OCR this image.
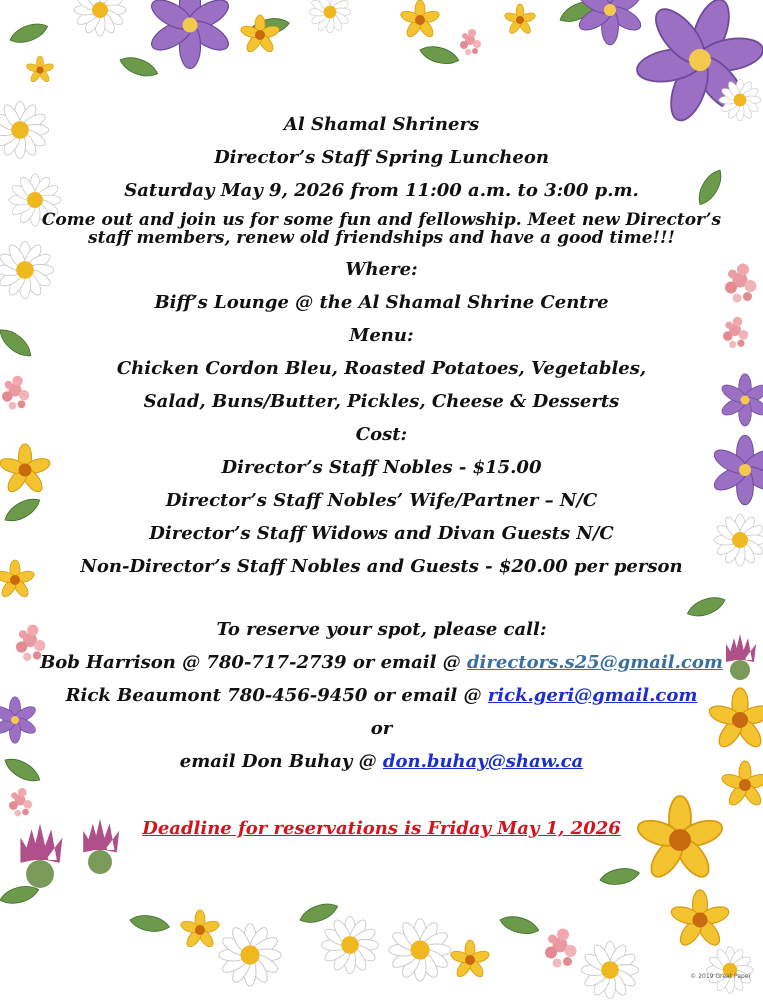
Al Shamal Shriners
Director’s Staff Spring Luncheon
Saturday May 9, 2026 from 11:00 a.m. to 3:00 p.m.
Come out and join us for some fun and fellowship. Meet new Director’s staff members, renew old friendships and have a good time!!!
Where:
Biff’s Lounge @ the Al Shamal Shrine Centre
Menu:
Chicken Cordon Bleu, Roasted Potatoes, Vegetables,
Salad, Buns/Butter, Pickles, Cheese & Desserts
Cost:
Director’s Staff Nobles - $15.00
Director’s Staff Nobles’ Wife/Partner – N/C
Director’s Staff Widows and Divan Guests N/C
Non-Director’s Staff Nobles and Guests - $20.00 per person
To reserve your spot, please call:
Bob Harrison @ 780-717-2739 or email @ directors.s25@gmail.com
Rick Beaumont 780-456-9450 or email @ rick.geri@gmail.com
or
email Don Buhay @ don.buhay@shaw.ca
Deadline for reservations is Friday May 1, 2026
© 2019 Great Paper
